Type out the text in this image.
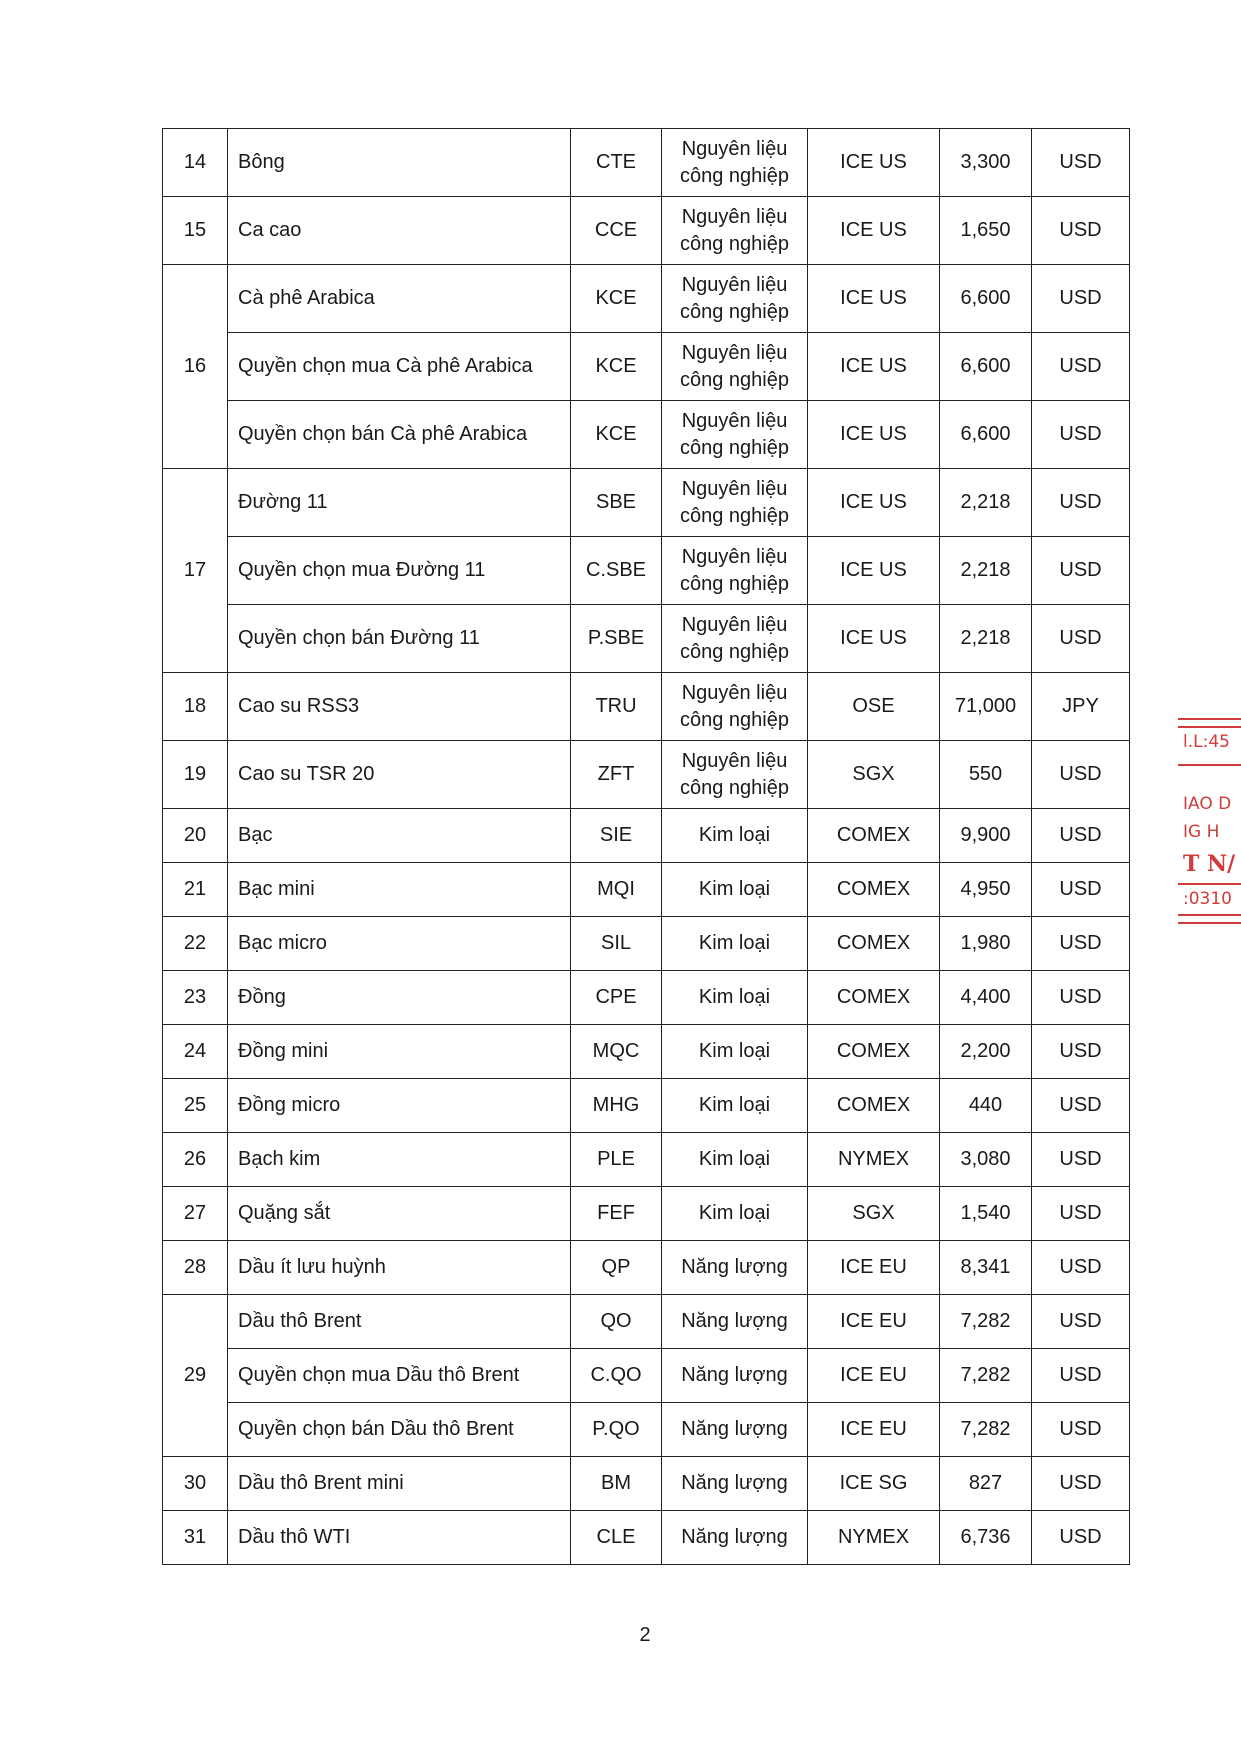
14	Bông	CTE	Nguyên liệu công nghiệp	ICE US	3,300	USD
15	Ca cao	CCE	Nguyên liệu công nghiệp	ICE US	1,650	USD
16	Cà phê Arabica	KCE	Nguyên liệu công nghiệp	ICE US	6,600	USD
	Quyền chọn mua Cà phê Arabica	KCE	Nguyên liệu công nghiệp	ICE US	6,600	USD
	Quyền chọn bán Cà phê Arabica	KCE	Nguyên liệu công nghiệp	ICE US	6,600	USD
17	Đường 11	SBE	Nguyên liệu công nghiệp	ICE US	2,218	USD
	Quyền chọn mua Đường 11	C.SBE	Nguyên liệu công nghiệp	ICE US	2,218	USD
	Quyền chọn bán Đường 11	P.SBE	Nguyên liệu công nghiệp	ICE US	2,218	USD
18	Cao su RSS3	TRU	Nguyên liệu công nghiệp	OSE	71,000	JPY
19	Cao su TSR 20	ZFT	Nguyên liệu công nghiệp	SGX	550	USD
20	Bạc	SIE	Kim loại	COMEX	9,900	USD
21	Bạc mini	MQI	Kim loại	COMEX	4,950	USD
22	Bạc micro	SIL	Kim loại	COMEX	1,980	USD
23	Đồng	CPE	Kim loại	COMEX	4,400	USD
24	Đồng mini	MQC	Kim loại	COMEX	2,200	USD
25	Đồng micro	MHG	Kim loại	COMEX	440	USD
26	Bạch kim	PLE	Kim loại	NYMEX	3,080	USD
27	Quặng sắt	FEF	Kim loại	SGX	1,540	USD
28	Dầu ít lưu huỳnh	QP	Năng lượng	ICE EU	8,341	USD
29	Dầu thô Brent	QO	Năng lượng	ICE EU	7,282	USD
	Quyền chọn mua Dầu thô Brent	C.QO	Năng lượng	ICE EU	7,282	USD
	Quyền chọn bán Dầu thô Brent	P.QO	Năng lượng	ICE EU	7,282	USD
30	Dầu thô Brent mini	BM	Năng lượng	ICE SG	827	USD
31	Dầu thô WTI	CLE	Năng lượng	NYMEX	6,736	USD
2
l.L:45
IAO D
IG H
T N/
:0310
